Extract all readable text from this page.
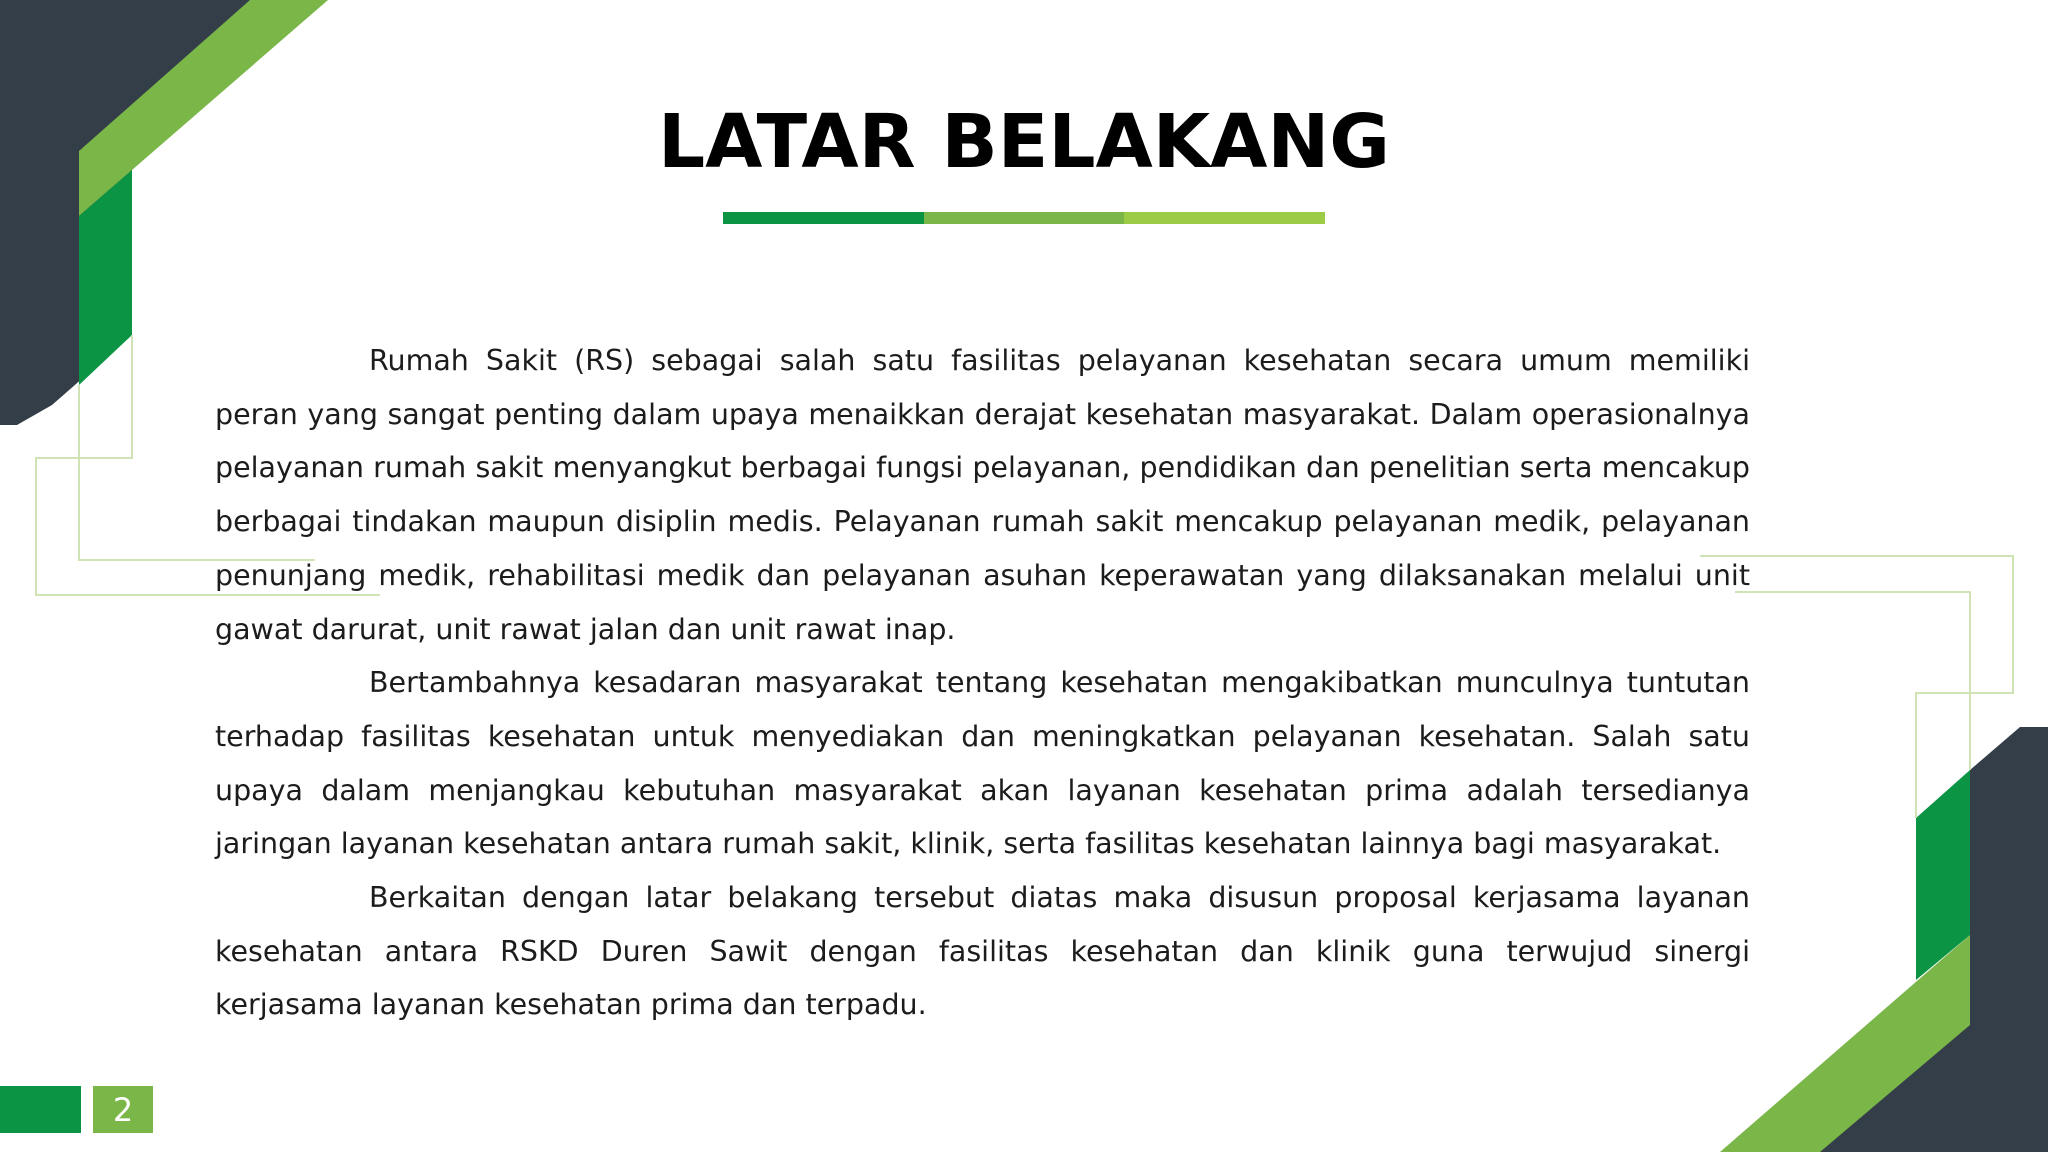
LATAR BELAKANG

Rumah Sakit (RS) sebagai salah satu fasilitas pelayanan kesehatan secara umum memiliki peran yang sangat penting dalam upaya menaikkan derajat kesehatan masyarakat. Dalam operasionalnya pelayanan rumah sakit menyangkut berbagai fungsi pelayanan, pendidikan dan penelitian serta mencakup berbagai tindakan maupun disiplin medis. Pelayanan rumah sakit mencakup pelayanan medik, pelayanan penunjang medik, rehabilitasi medik dan pelayanan asuhan keperawatan yang dilaksanakan melalui unit gawat darurat, unit rawat jalan dan unit rawat inap.

Bertambahnya kesadaran masyarakat tentang kesehatan mengakibatkan munculnya tuntutan terhadap fasilitas kesehatan untuk menyediakan dan meningkatkan pelayanan kesehatan. Salah satu upaya dalam menjangkau kebutuhan masyarakat akan layanan kesehatan prima adalah tersedianya jaringan layanan kesehatan antara rumah sakit, klinik, serta fasilitas kesehatan lainnya bagi masyarakat.

Berkaitan dengan latar belakang tersebut diatas maka disusun proposal kerjasama layanan kesehatan antara RSKD Duren Sawit dengan fasilitas kesehatan dan klinik guna terwujud sinergi kerjasama layanan kesehatan prima dan terpadu.

2
